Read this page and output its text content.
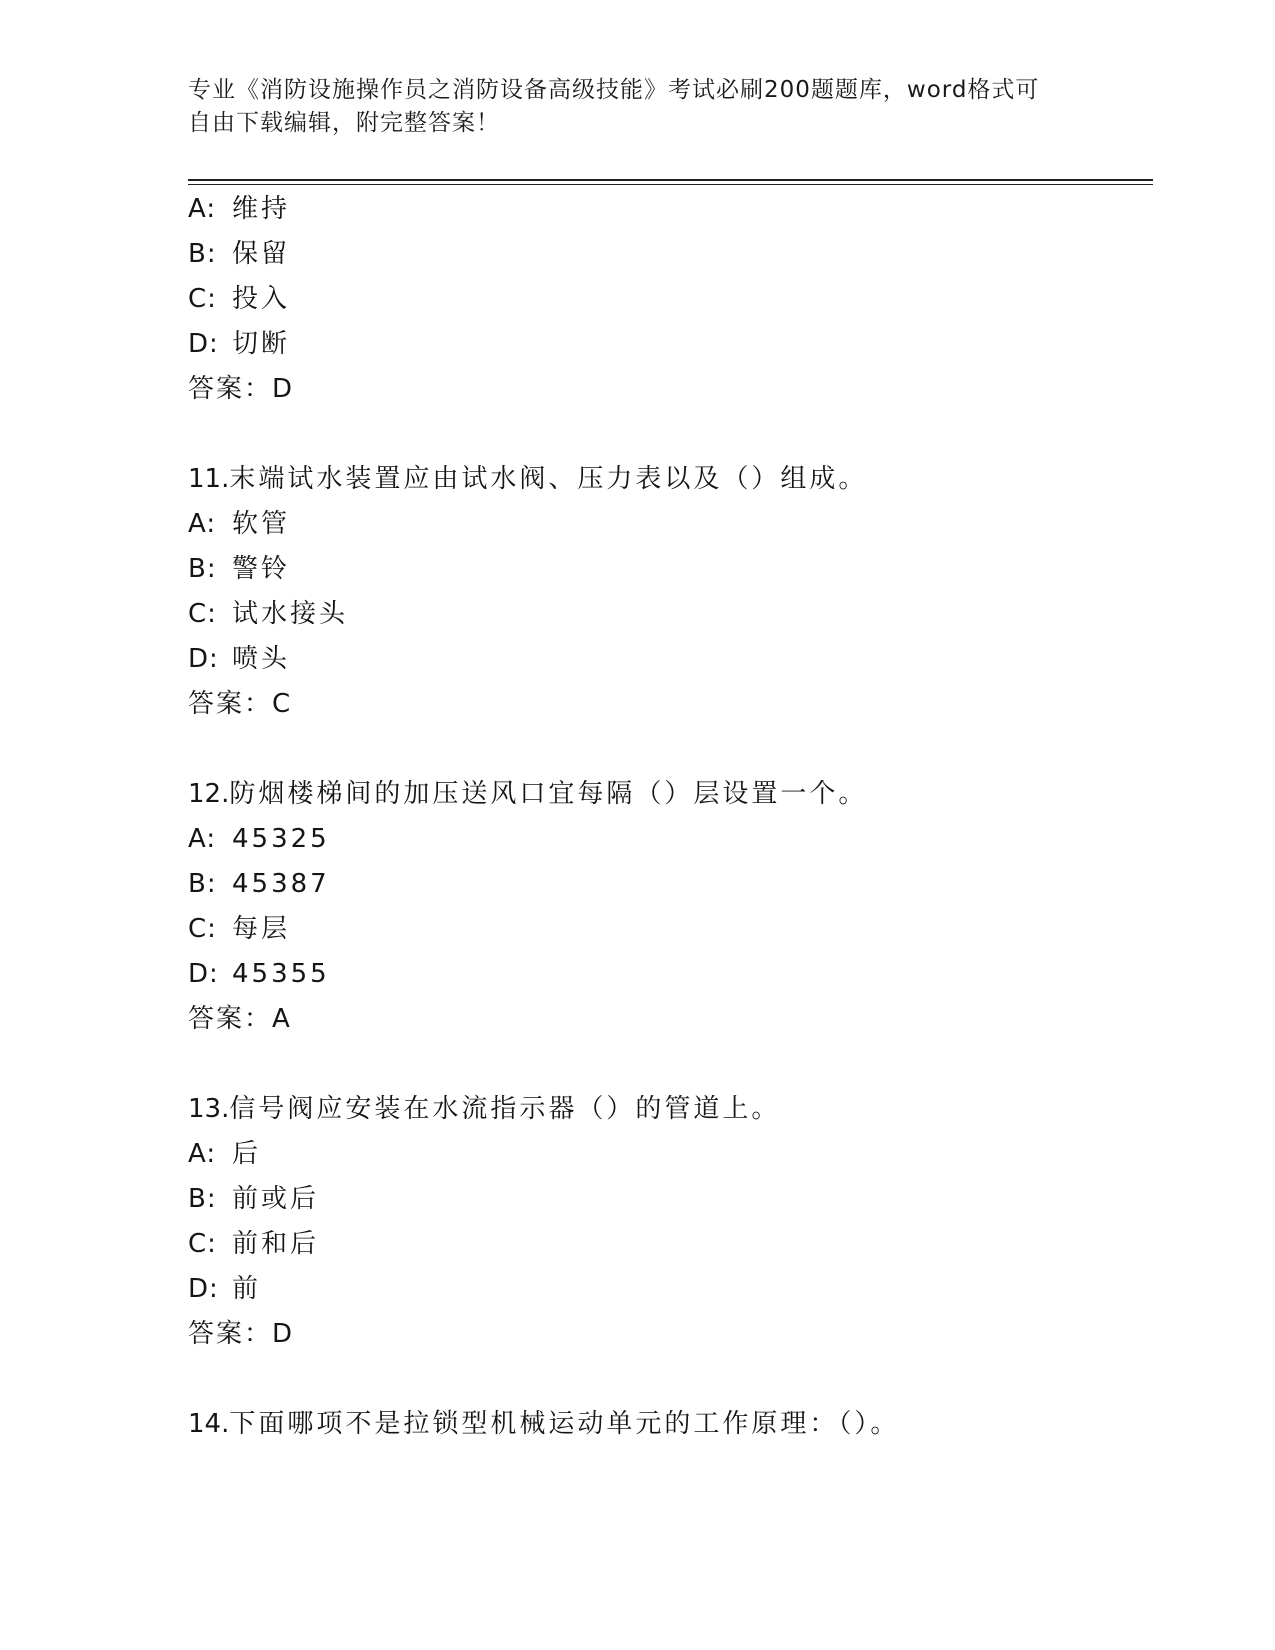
专业《消防设施操作员之消防设备高级技能》考试必刷200题题库，word格式可
自由下载编辑，附完整答案！
A: 维持
B: 保留
C: 投入
D: 切断
答案：D
11.末端试水装置应由试水阀、压力表以及（）组成。
A: 软管
B: 警铃
C: 试水接头
D: 喷头
答案：C
12.防烟楼梯间的加压送风口宜每隔（）层设置一个。
A: 45325
B: 45387
C: 每层
D: 45355
答案：A
13.信号阀应安装在水流指示器（）的管道上。
A: 后
B: 前或后
C: 前和后
D: 前
答案：D
14.下面哪项不是拉锁型机械运动单元的工作原理：（）。
